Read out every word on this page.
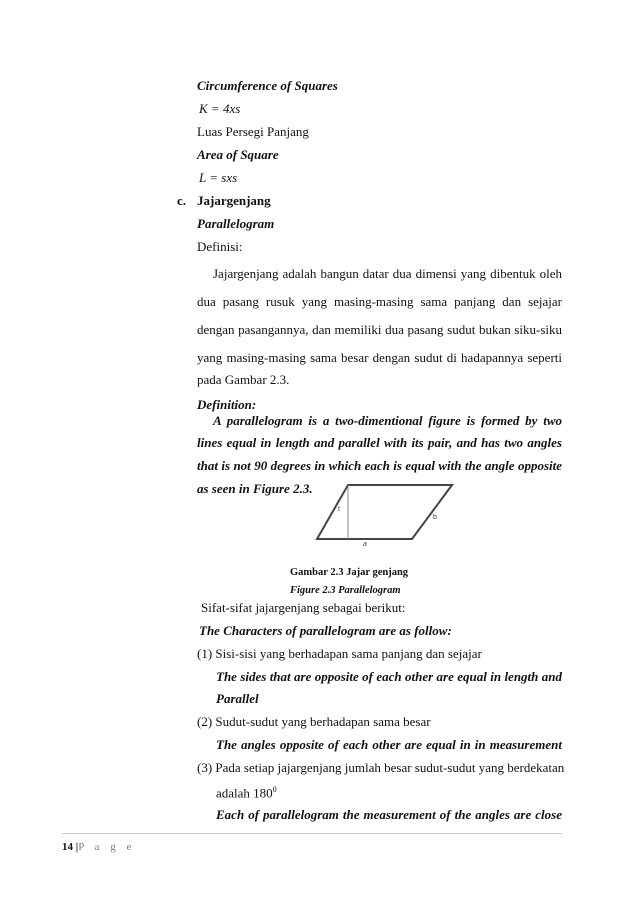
Circumference of Squares
K = 4xs
Luas Persegi Panjang
Area of Square
L = sxs
c. Jajargenjang
Parallelogram
Definisi:
Jajargenjang adalah bangun datar dua dimensi yang dibentuk oleh
dua pasang rusuk yang masing-masing sama panjang dan sejajar
dengan pasangannya, dan memiliki dua pasang sudut bukan siku-siku
yang masing-masing sama besar dengan sudut di hadapannya seperti
pada Gambar 2.3.
Definition:
A parallelogram is a two-dimentional figure is formed by two
lines equal in length and parallel with its pair, and has two angles
that is not 90 degrees in which each is equal with the angle opposite
as seen in Figure 2.3.
t
b
a
Gambar 2.3 Jajar genjang
Figure 2.3 Parallelogram
Sifat-sifat jajargenjang sebagai berikut:
The Characters of parallelogram are as follow:
(1) Sisi-sisi yang berhadapan sama panjang dan sejajar
The sides that are opposite of each other are equal in length and
Parallel
(2) Sudut-sudut yang berhadapan sama besar
The angles opposite of each other are equal in in measurement
(3) Pada setiap jajargenjang jumlah besar sudut-sudut yang berdekatan
adalah $180^0$
Each of parallelogram the measurement of the angles are close
14 |P a g e
